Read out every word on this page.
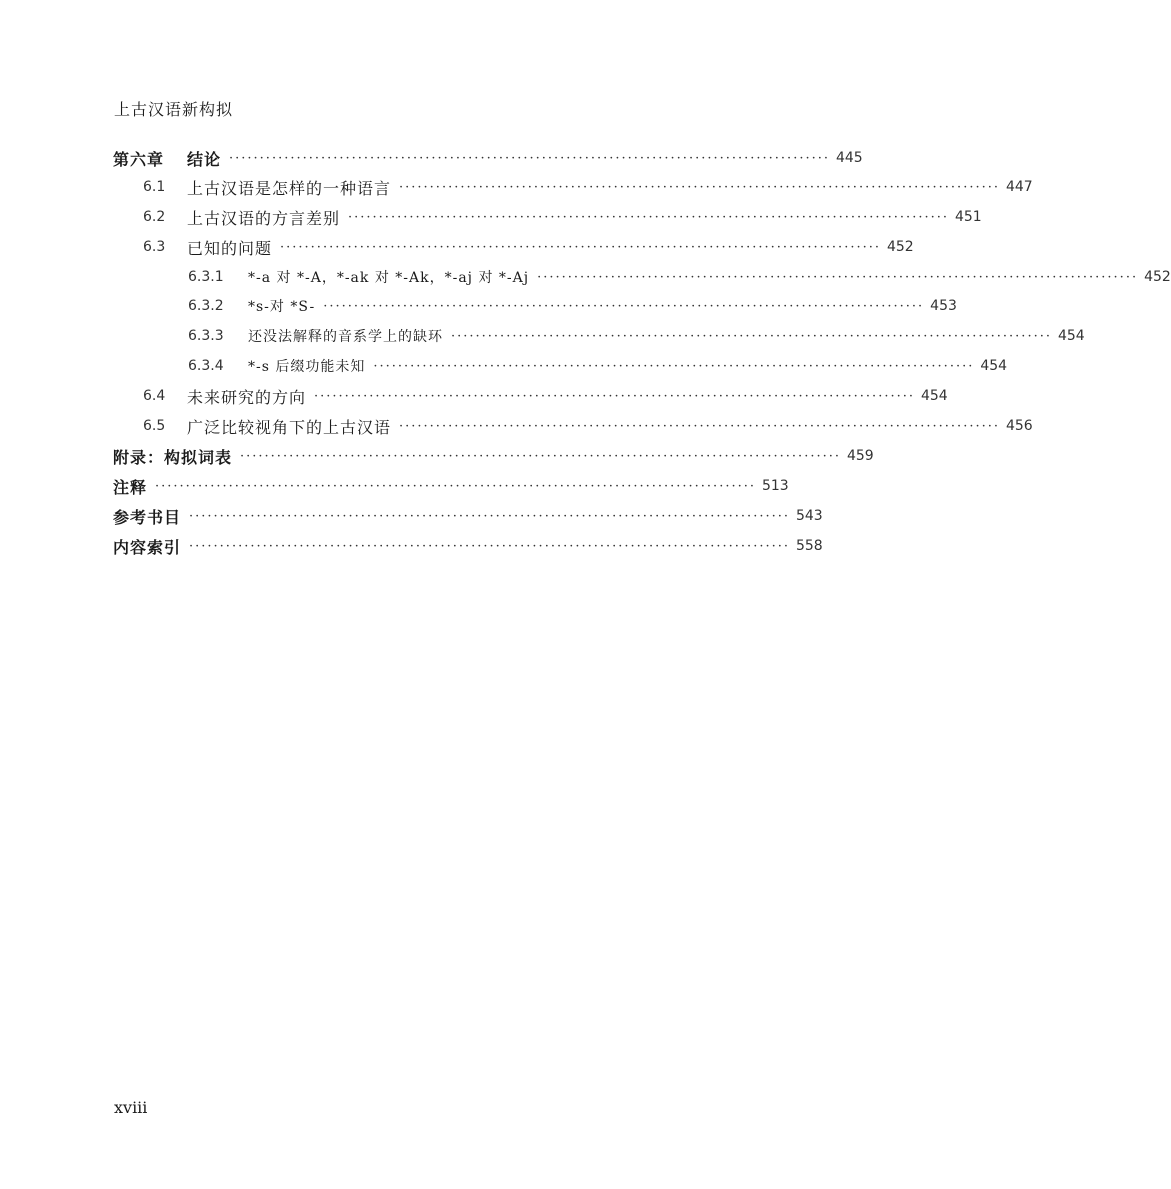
上古汉语新构拟
第六章	结论 ·································································································· 445
6.1	上古汉语是怎样的一种语言 ·································································································· 447
6.2	上古汉语的方言差别 ·································································································· 451
6.3	已知的问题 ·································································································· 452
6.3.1	*-a 对 *-A，*-ak 对 *-Ak，*-aj 对 *-Aj ·································································································· 452
6.3.2	*s-对 *S- ·································································································· 453
6.3.3	还没法解释的音系学上的缺环 ·································································································· 454
6.3.4	*-s 后缀功能未知 ·································································································· 454
6.4	未来研究的方向 ·································································································· 454
6.5	广泛比较视角下的上古汉语 ·································································································· 456
附录：构拟词表 ·································································································· 459
注释 ·································································································· 513
参考书目 ·································································································· 543
内容索引 ·································································································· 558
xviii
